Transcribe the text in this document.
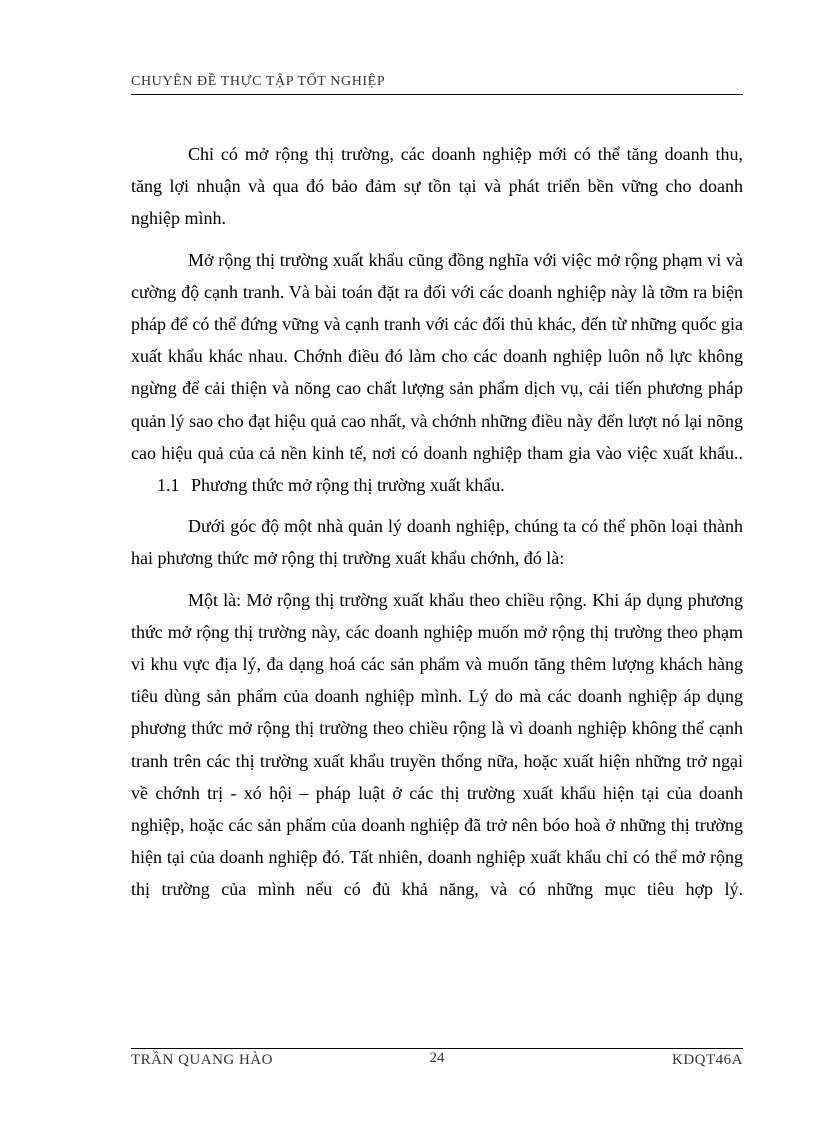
CHUYÊN ĐỀ THỰC TẬP TỐT NGHIỆP

Chỉ có mở rộng thị trường, các doanh nghiệp mới có thể tăng doanh thu, tăng lợi nhuận và qua đó bảo đảm sự tồn tại và phát triển bền vững cho doanh nghiệp mình.

Mở rộng thị trường xuất khẩu cũng đồng nghĩa với việc mở rộng phạm vi và cường độ cạnh tranh. Và bài toán đặt ra đối với các doanh nghiệp này là tỡm ra biện pháp để có thể đứng vững và cạnh tranh với các đối thủ khác, đến từ những quốc gia xuất khẩu khác nhau. Chớnh điều đó làm cho các doanh nghiệp luôn nỗ lực không ngừng để cải thiện và nõng cao chất lượng sản phẩm dịch vụ, cải tiến phương pháp quản lý sao cho đạt hiệu quả cao nhất, và chớnh những điều này đến lượt nó lại nõng cao hiệu quả của cả nền kinh tế, nơi có doanh nghiệp tham gia vào việc xuất khẩu..

1.1 Phương thức mở rộng thị trường xuất khẩu.

Dưới góc độ một nhà quản lý doanh nghiệp, chúng ta có thể phõn loại thành hai phương thức mở rộng thị trường xuất khẩu chớnh, đó là:

Một là: Mở rộng thị trường xuất khẩu theo chiều rộng. Khi áp dụng phương thức mở rộng thị trường này, các doanh nghiệp muốn mở rộng thị trường theo phạm vi khu vực địa lý, đa dạng hoá các sản phẩm và muốn tăng thêm lượng khách hàng tiêu dùng sản phẩm của doanh nghiệp mình. Lý do mà các doanh nghiệp áp dụng phương thức mở rộng thị trường theo chiều rộng là vì doanh nghiệp không thể cạnh tranh trên các thị trường xuất khẩu truyền thống nữa, hoặc xuất hiện những trở ngại về chớnh trị - xó hội – pháp luật ở các thị trường xuất khẩu hiện tại của doanh nghiệp, hoặc các sản phẩm của doanh nghiệp đã trở nên bóo hoà ở những thị trường hiện tại của doanh nghiệp đó. Tất nhiên, doanh nghiệp xuất khẩu chỉ có thể mở rộng thị trường của mình nếu có đủ khả năng, và có những mục tiêu hợp lý.

TRẦN QUANG HÀO	24	KDQT46A
